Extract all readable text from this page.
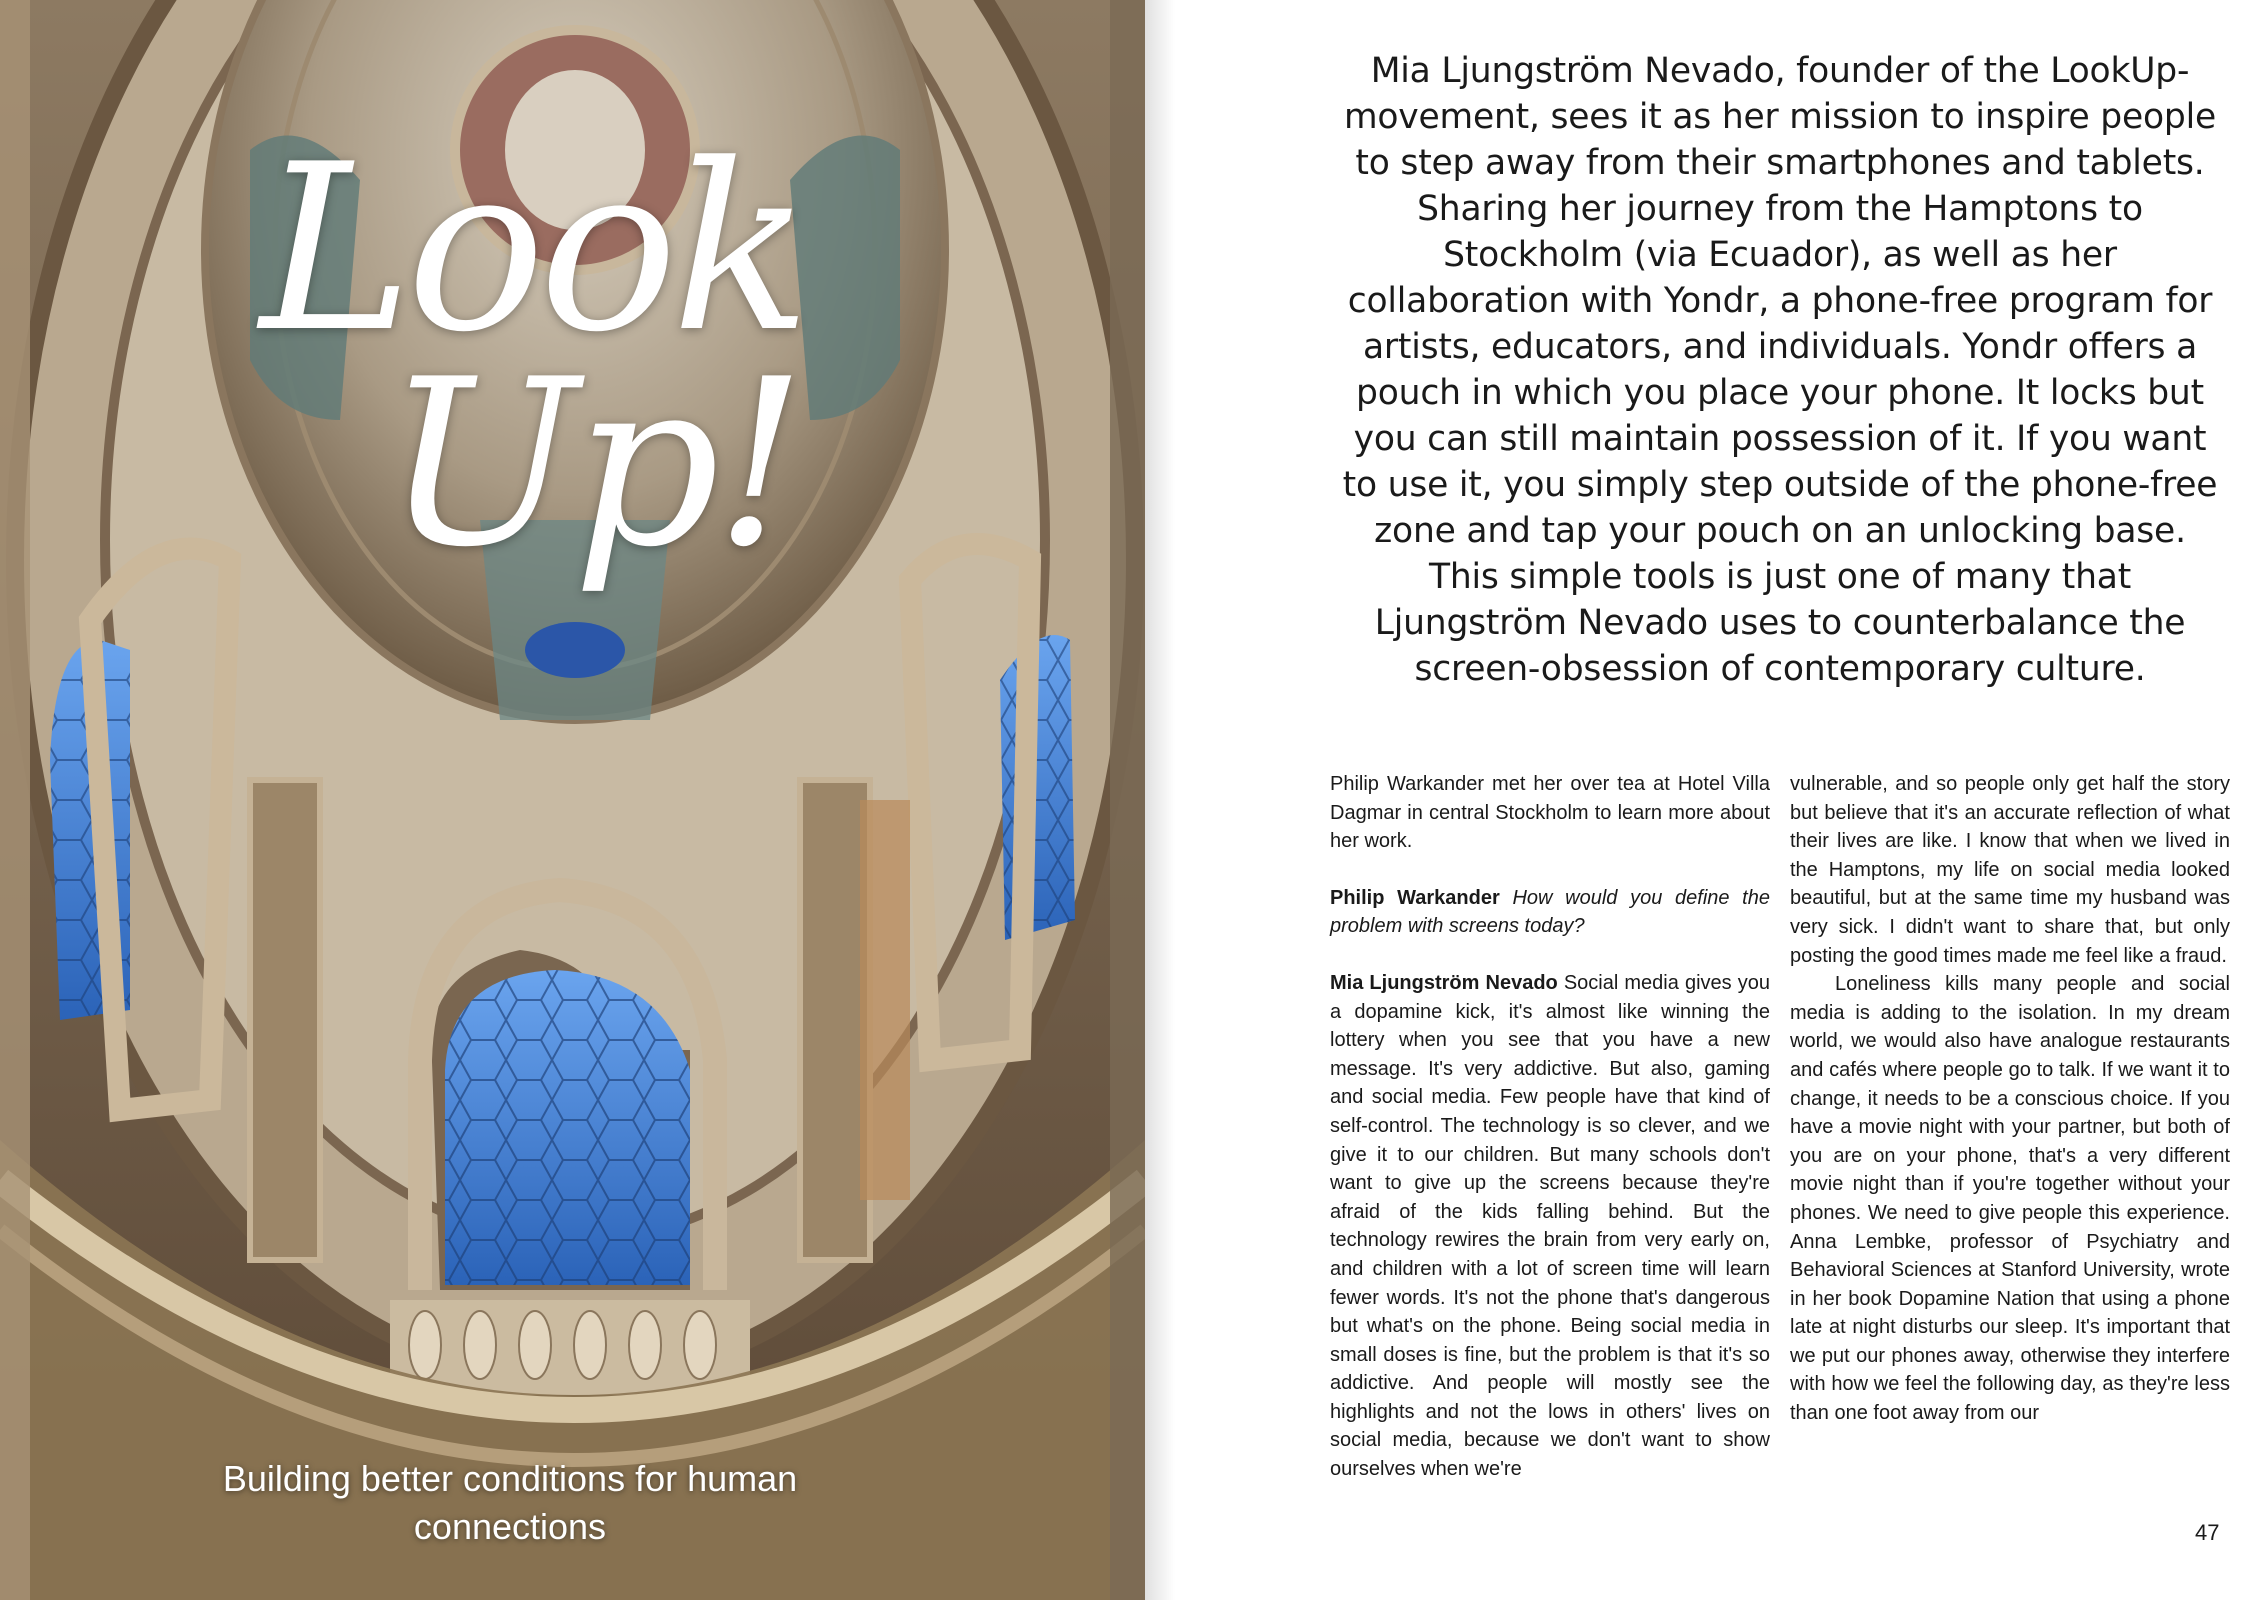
Look
Up!
Building better conditions for human connections
Mia Ljungström Nevado, founder of the LookUp-movement, sees it as her mission to inspire people to step away from their smartphones and tablets. Sharing her journey from the Hamptons to Stockholm (via Ecuador), as well as her collaboration with Yondr, a phone-free program for artists, educators, and individuals. Yondr offers a pouch in which you place your phone. It locks but you can still maintain possession of it. If you want to use it, you simply step outside of the phone-free zone and tap your pouch on an unlocking base. This simple tools is just one of many that Ljungström Nevado uses to counterbalance the screen-obsession of contemporary culture.

Philip Warkander met her over tea at Hotel Villa Dagmar in central Stockholm to learn more about her work.

Philip Warkander How would you define the problem with screens today?

Mia Ljungström Nevado Social media gives you a dopamine kick, it's almost like winning the lottery when you see that you have a new message. It's very addictive. But also, gaming and social media. Few people have that kind of self-control. The technology is so clever, and we give it to our children. But many schools don't want to give up the screens because they're afraid of the kids falling behind. But the technology rewires the brain from very early on, and children with a lot of screen time will learn fewer words. It's not the phone that's dangerous but what's on the phone. Being social media in small doses is fine, but the problem is that it's so addictive. And people will mostly see the highlights and not the lows in others' lives on social media, because we don't want to show ourselves when we're

vulnerable, and so people only get half the story but believe that it's an accurate reflection of what their lives are like. I know that when we lived in the Hamptons, my life on social media looked beautiful, but at the same time my husband was very sick. I didn't want to share that, but only posting the good times made me feel like a fraud.

Loneliness kills many people and social media is adding to the isolation. In my dream world, we would also have analogue restaurants and cafés where people go to talk. If we want it to change, it needs to be a conscious choice. If you have a movie night with your partner, but both of you are on your phone, that's a very different movie night than if you're together without your phones. We need to give people this experience. Anna Lembke, professor of Psychiatry and Behavioral Sciences at Stanford University, wrote in her book Dopamine Nation that using a phone late at night disturbs our sleep. It's important that we put our phones away, otherwise they interfere with how we feel the following day, as they're less than one foot away from our

47
